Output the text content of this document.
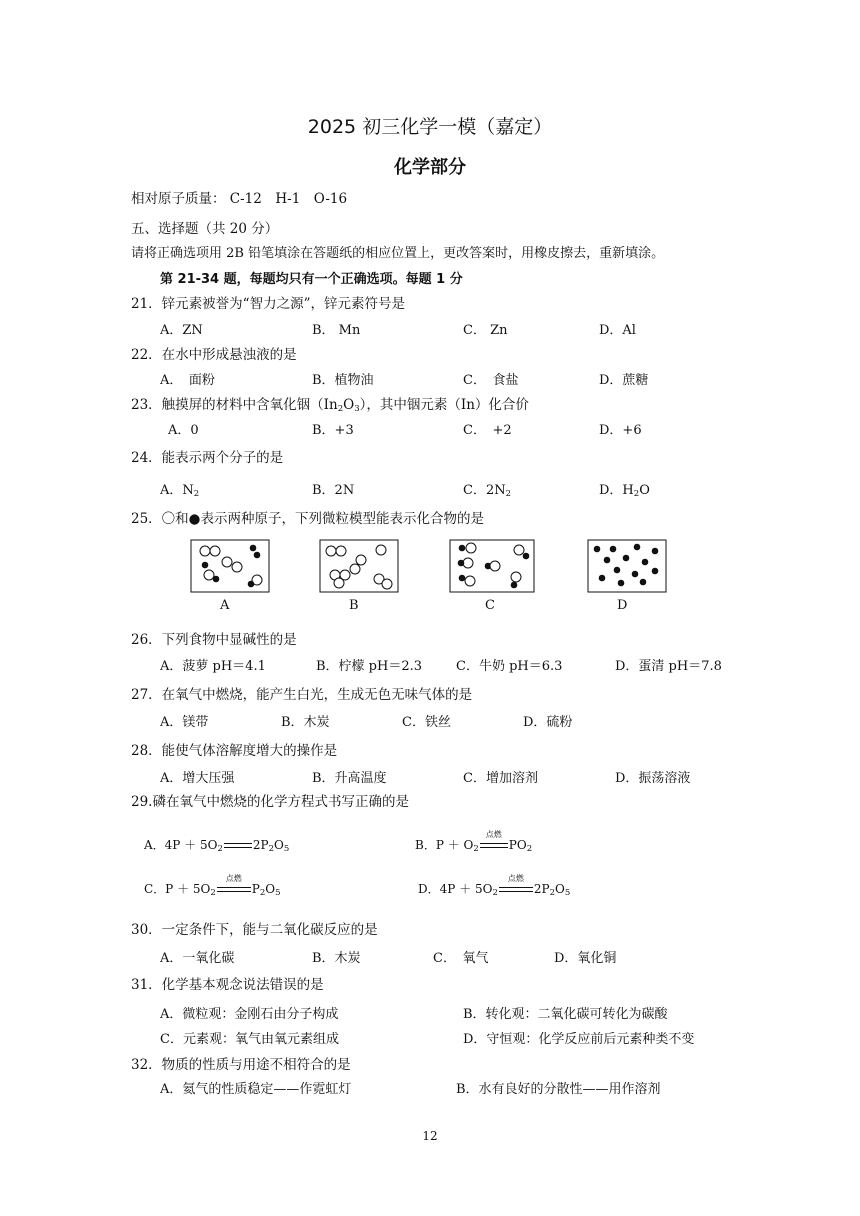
2025 初三化学一模（嘉定）
化学部分
相对原子质量： C-12　H-1　O-16
五、选择题（共 20 分）
请将正确选项用 2B 铅笔填涂在答题纸的相应位置上，更改答案时，用橡皮擦去，重新填涂。
第 21-34 题，每题均只有一个正确选项。每题 1 分
21．锌元素被誉为“智力之源”，锌元素符号是
A．ZN	B． Mn	C． Zn	D．Al
22．在水中形成悬浊液的是
A．　面粉	B．植物油	C．　食盐	D．蔗糖
23．触摸屏的材料中含氧化铟$(In_2O_3)$，其中铟元素（In）化合价
A．0	B．+3	C．　+2	D．+6
24．能表示两个分子的是
A．$N_2$	B．2N	C．$2N_2$	D．$H_2O$
25．〇和●表示两种原子，下列微粒模型能表示化合物的是
A	B	C	D
26．下列食物中显碱性的是
A．菠萝 pH＝4.1	B．柠檬 pH＝2.3	C．牛奶 pH＝6.3	D．蛋清 pH＝7.8
27．在氧气中燃烧，能产生白光，生成无色无味气体的是
A．镁带	B．木炭	C．铁丝	D．硫粉
28．能使气体溶解度增大的操作是
A．增大压强	B．升高温度	C．增加溶剂	D．振荡溶液
29.磷在氧气中燃烧的化学方程式书写正确的是
A．$4P + 5O_2$	$2P_2O_5$	B．$P + O_2$
点燃
$PO_2$
C．$P + 5O_2$
点燃
$P_2O_5$	D．$4P + 5O_2$
点燃
$2P_2O_5$
30．一定条件下，能与二氧化碳反应的是
A．一氧化碳	B．木炭	C．　氧气	D．氧化铜
31．化学基本观念说法错误的是
A．微粒观：金刚石由分子构成	B．转化观：二氧化碳可转化为碳酸
C．元素观：氧气由氧元素组成	D．守恒观：化学反应前后元素种类不变
32．物质的性质与用途不相符合的是
A．氦气的性质稳定——作霓虹灯	B．水有良好的分散性——用作溶剂
12
